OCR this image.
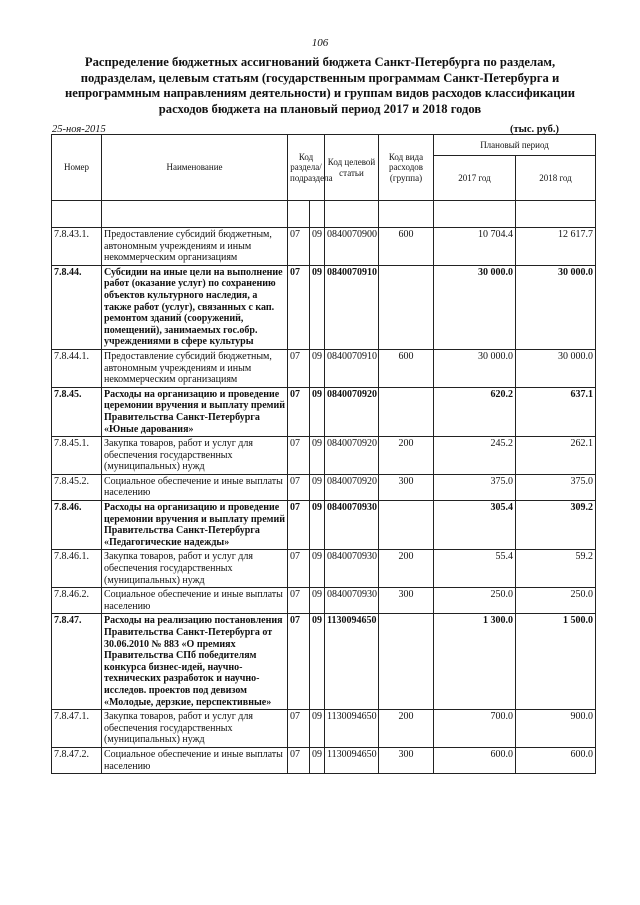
106
Распределение бюджетных ассигнований бюджета Санкт-Петербурга по разделам, подразделам, целевым статьям (государственным программам Санкт-Петербурга и непрограммным направлениям деятельности) и группам видов расходов классификации расходов бюджета на плановый период 2017 и 2018 годов
25-ноя-2015	(тыс. руб.)
Номер	Наименование	Код раздела/ подраздела		Код целевой статьи	Код вида расходов (группа)	Плановый период	
						2017 год	2018 год

7.8.43.1.	Предоставление субсидий бюджетным, автономным учреждениям и иным некоммерческим организациям	07	09	0840070900	600	10 704.4	12 617.7
7.8.44.	Субсидии на иные цели на выполнение работ (оказание услуг) по сохранению объектов культурного наследия, а также работ (услуг), связанных с кап. ремонтом зданий (сооружений, помещений), занимаемых гос.обр. учреждениями в сфере культуры	07	09	0840070910		30 000.0	30 000.0
7.8.44.1.	Предоставление субсидий бюджетным, автономным учреждениям и иным некоммерческим организациям	07	09	0840070910	600	30 000.0	30 000.0
7.8.45.	Расходы на организацию и проведение церемонии вручения и выплату премий Правительства Санкт-Петербурга «Юные дарования»	07	09	0840070920		620.2	637.1
7.8.45.1.	Закупка товаров, работ и услуг для обеспечения государственных (муниципальных) нужд	07	09	0840070920	200	245.2	262.1
7.8.45.2.	Социальное обеспечение и иные выплаты населению	07	09	0840070920	300	375.0	375.0
7.8.46.	Расходы на организацию и проведение церемонии вручения и выплату премий Правительства Санкт-Петербурга «Педагогические надежды»	07	09	0840070930		305.4	309.2
7.8.46.1.	Закупка товаров, работ и услуг для обеспечения государственных (муниципальных) нужд	07	09	0840070930	200	55.4	59.2
7.8.46.2.	Социальное обеспечение и иные выплаты населению	07	09	0840070930	300	250.0	250.0
7.8.47.	Расходы на реализацию постановления Правительства Санкт-Петербурга от 30.06.2010 № 883 «О премиях Правительства СПб победителям конкурса бизнес-идей, научно-технических разработок и научно-исследов. проектов под девизом «Молодые, дерзкие, перспективные»	07	09	1130094650		1 300.0	1 500.0
7.8.47.1.	Закупка товаров, работ и услуг для обеспечения государственных (муниципальных) нужд	07	09	1130094650	200	700.0	900.0
7.8.47.2.	Социальное обеспечение и иные выплаты населению	07	09	1130094650	300	600.0	600.0
